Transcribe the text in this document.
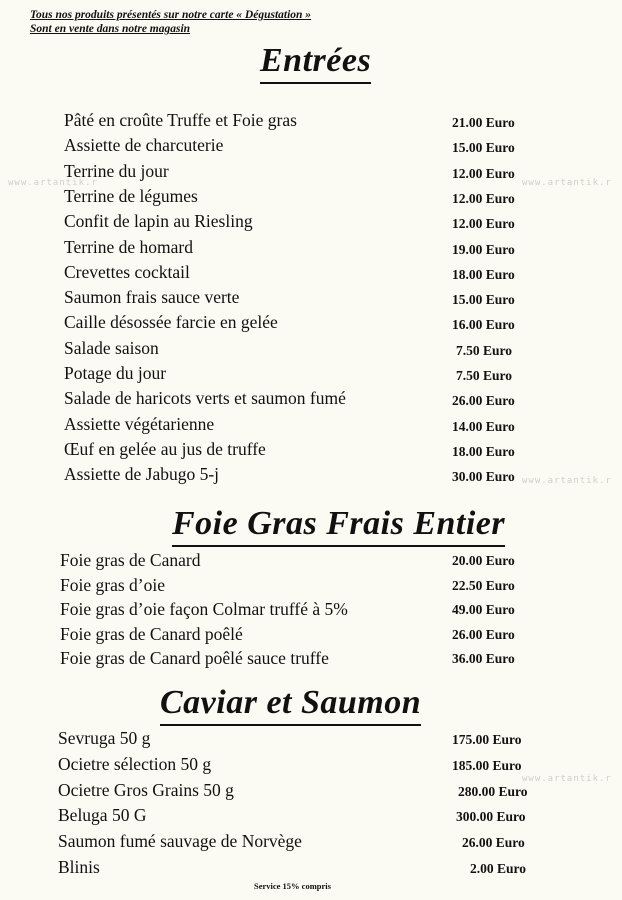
Tous nos produits présentés sur notre carte « Dégustation »
Sont en vente dans notre magasin
www.artantik.r	www.artantik.r
www.artantik.r
www.artantik.r
Entrées
Pâté en croûte Truffe et Foie gras	21.00 Euro
Assiette de charcuterie	15.00 Euro
Terrine du jour	12.00 Euro
Terrine de légumes	12.00 Euro
Confit de lapin au Riesling	12.00 Euro
Terrine de homard	19.00 Euro
Crevettes cocktail	18.00 Euro
Saumon frais sauce verte	15.00 Euro
Caille désossée farcie en gelée	16.00 Euro
Salade saison	7.50 Euro
Potage du jour	7.50 Euro
Salade de haricots verts et saumon fumé	26.00 Euro
Assiette végétarienne	14.00 Euro
Œuf en gelée au jus de truffe	18.00 Euro
Assiette de Jabugo 5-j	30.00 Euro
Foie Gras Frais Entier
Foie gras de Canard	20.00 Euro
Foie gras d’oie	22.50 Euro
Foie gras d’oie façon Colmar truffé à 5%	49.00 Euro
Foie gras de Canard poêlé	26.00 Euro
Foie gras de Canard poêlé sauce truffe	36.00 Euro
Caviar et Saumon
Sevruga 50 g	175.00 Euro
Ocietre sélection 50 g	185.00 Euro
Ocietre Gros Grains 50 g	280.00 Euro
Beluga 50 G	300.00 Euro
Saumon fumé sauvage de Norvège	26.00 Euro
Blinis	2.00 Euro
Service 15% compris
